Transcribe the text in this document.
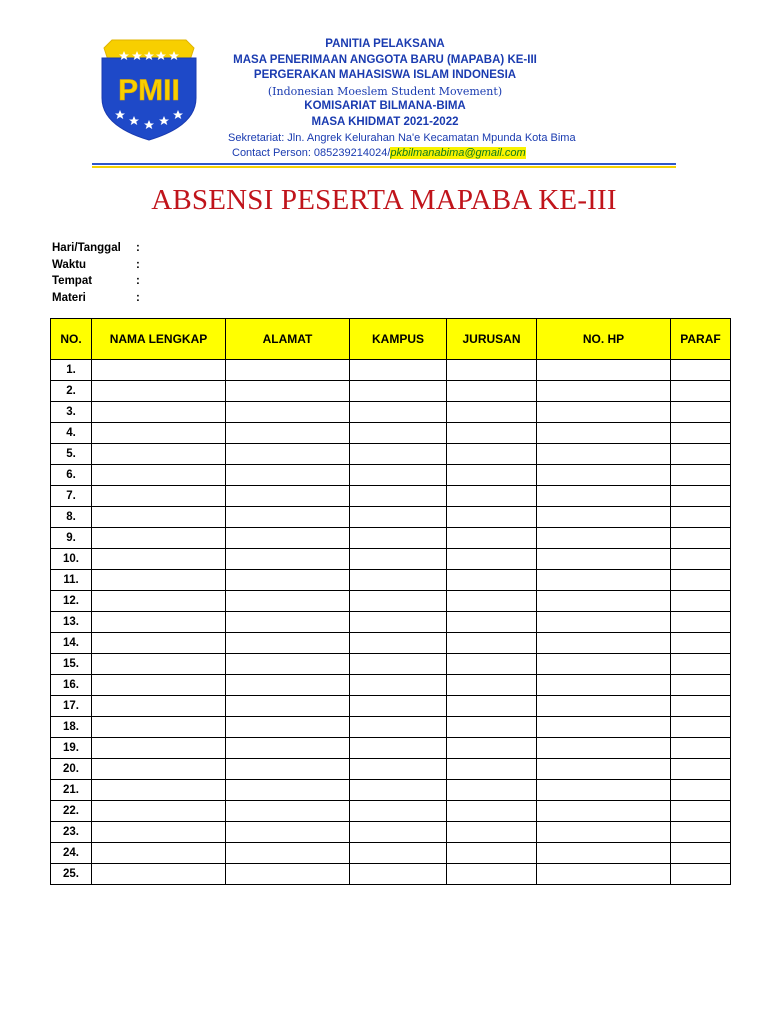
PMII
PANITIA PELAKSANA
MASA PENERIMAAN ANGGOTA BARU (MAPABA) KE-III
PERGERAKAN MAHASISWA ISLAM INDONESIA
(Indonesian Moeslem Student Movement)
KOMISARIAT BILMANA-BIMA
MASA KHIDMAT 2021-2022
Sekretariat: Jln. Angrek Kelurahan Na'e Kecamatan Mpunda Kota Bima
Contact Person: 085239214024/pkbilmanabima@gmail.com
ABSENSI PESERTA MAPABA KE-III
Hari/Tanggal	:
Waktu	:
Tempat	:
Materi	:
NO.	NAMA LENGKAP	ALAMAT	KAMPUS	JURUSAN	NO. HP	PARAF
1.						
2.						
3.						
4.						
5.						
6.						
7.						
8.						
9.						
10.						
11.						
12.						
13.						
14.						
15.						
16.						
17.						
18.						
19.						
20.						
21.						
22.						
23.						
24.						
25.						
